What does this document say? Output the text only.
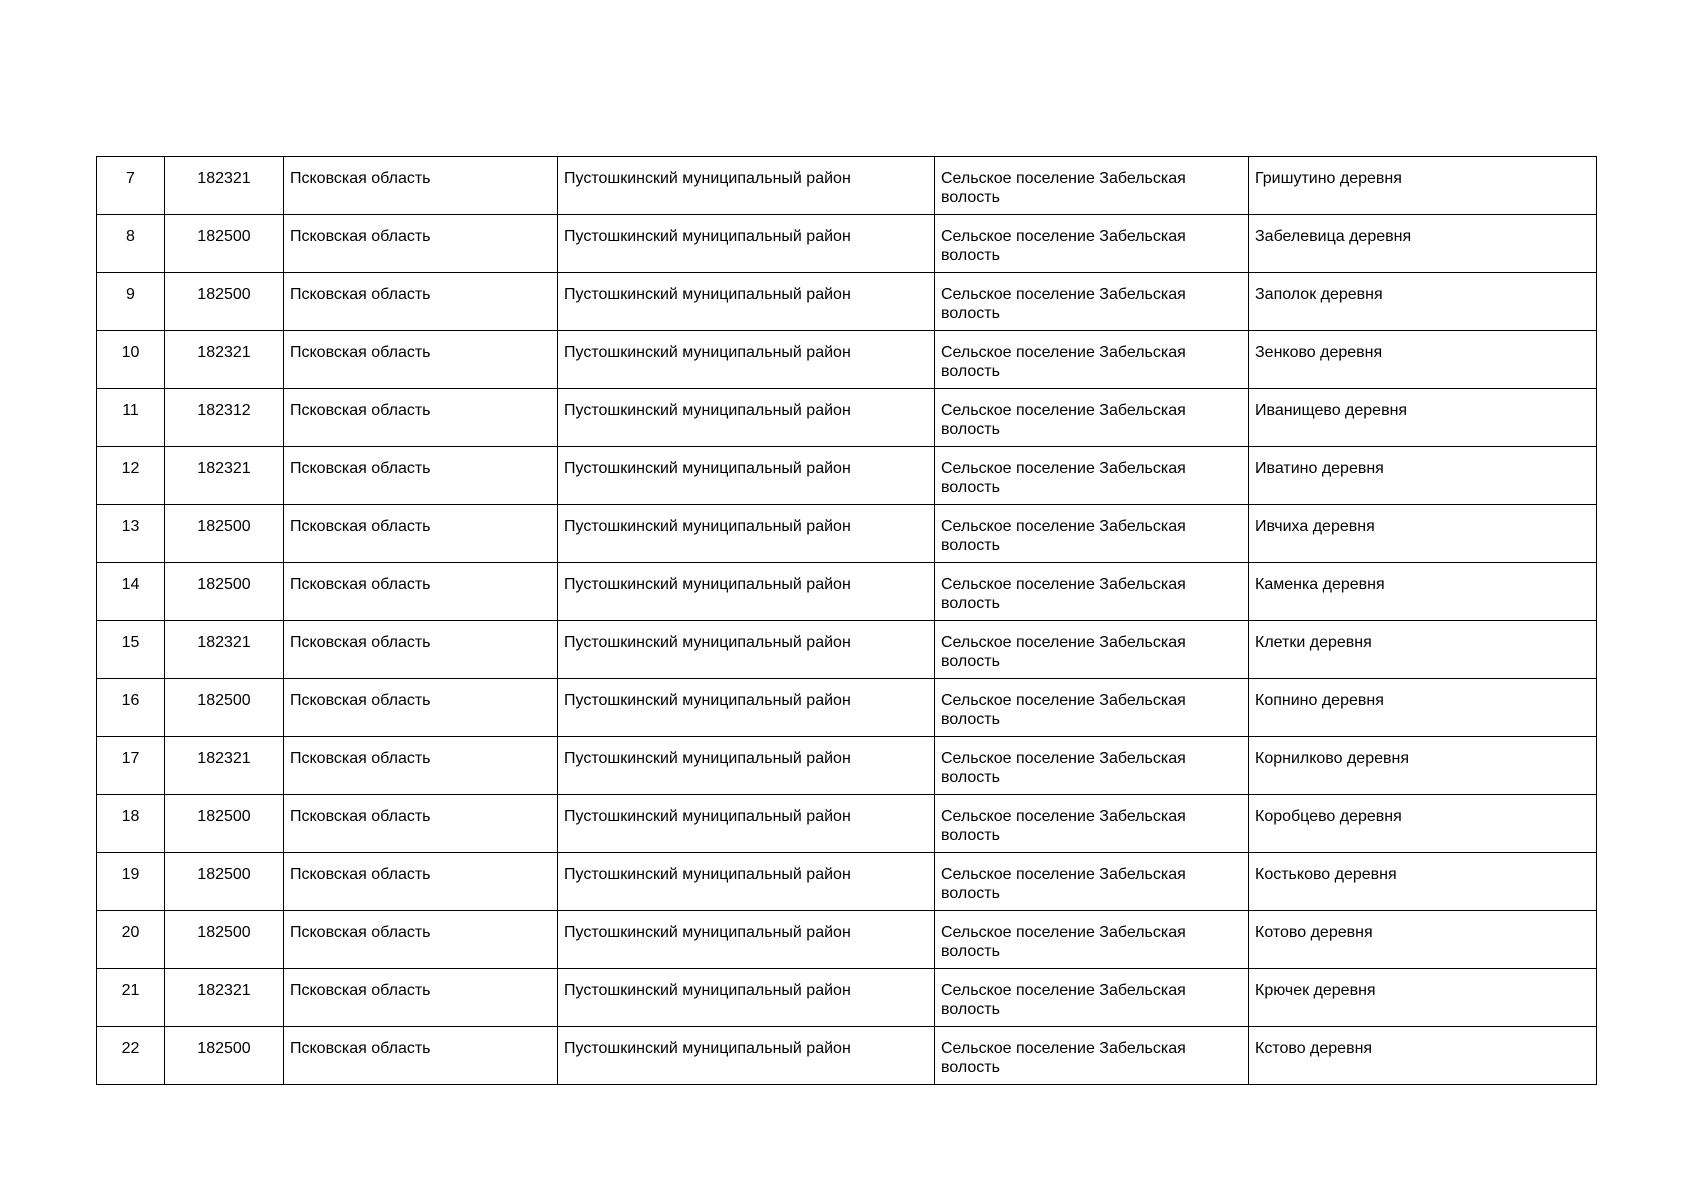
7	182321	Псковская область	Пустошкинский муниципальный район	Сельское поселение Забельская волость	Гришутино деревня
8	182500	Псковская область	Пустошкинский муниципальный район	Сельское поселение Забельская волость	Забелевица деревня
9	182500	Псковская область	Пустошкинский муниципальный район	Сельское поселение Забельская волость	Заполок деревня
10	182321	Псковская область	Пустошкинский муниципальный район	Сельское поселение Забельская волость	Зенково деревня
11	182312	Псковская область	Пустошкинский муниципальный район	Сельское поселение Забельская волость	Иванищево деревня
12	182321	Псковская область	Пустошкинский муниципальный район	Сельское поселение Забельская волость	Иватино деревня
13	182500	Псковская область	Пустошкинский муниципальный район	Сельское поселение Забельская волость	Ивчиха деревня
14	182500	Псковская область	Пустошкинский муниципальный район	Сельское поселение Забельская волость	Каменка деревня
15	182321	Псковская область	Пустошкинский муниципальный район	Сельское поселение Забельская волость	Клетки деревня
16	182500	Псковская область	Пустошкинский муниципальный район	Сельское поселение Забельская волость	Копнино деревня
17	182321	Псковская область	Пустошкинский муниципальный район	Сельское поселение Забельская волость	Корнилково деревня
18	182500	Псковская область	Пустошкинский муниципальный район	Сельское поселение Забельская волость	Коробцево деревня
19	182500	Псковская область	Пустошкинский муниципальный район	Сельское поселение Забельская волость	Костьково деревня
20	182500	Псковская область	Пустошкинский муниципальный район	Сельское поселение Забельская волость	Котово деревня
21	182321	Псковская область	Пустошкинский муниципальный район	Сельское поселение Забельская волость	Крючек деревня
22	182500	Псковская область	Пустошкинский муниципальный район	Сельское поселение Забельская волость	Кстово деревня
